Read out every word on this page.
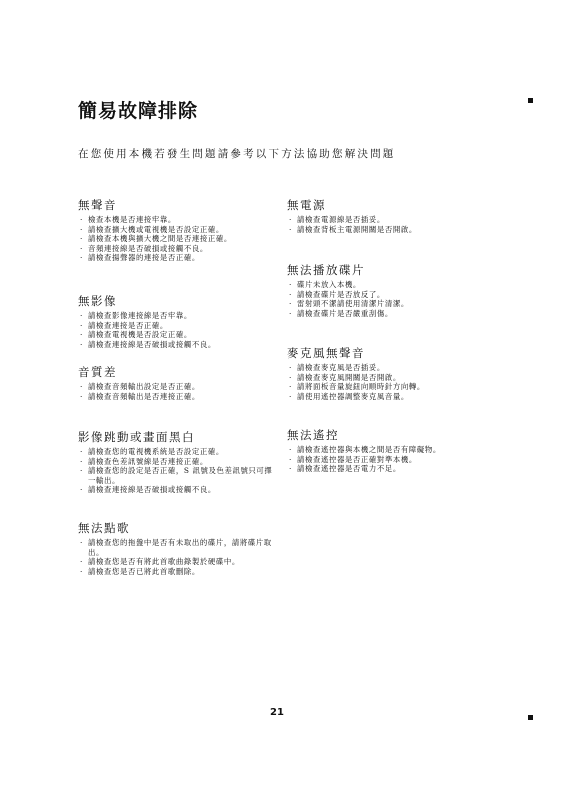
簡易故障排除
在您使用本機若發生問題請參考以下方法協助您解決問題
無聲音
· 檢查本機是否連接牢靠。
· 請檢查擴大機或電視機是否設定正確。
· 請檢查本機與擴大機之間是否連接正確。
· 音頻連接線是否破損或接觸不良。
· 請檢查揚聲器的連接是否正確。
無影像
· 請檢查影像連接線是否牢靠。
· 請檢查連接是否正確。
· 請檢查電視機是否設定正確。
· 請檢查連接線是否破損或接觸不良。
音質差
· 請檢查音頻輸出設定是否正確。
· 請檢查音頻輸出是否連接正確。
影像跳動或畫面黑白
· 請檢查您的電視機系統是否設定正確。
· 請檢查色差訊號線是否連接正確。
· 請檢查您的設定是否正確，S 訊號及色差訊號只可擇一輸出。
· 請檢查連接線是否破損或接觸不良。
無法點歌
· 請檢查您的拖盤中是否有未取出的碟片，請將碟片取出。
· 請檢查您是否有將此首歌曲錄製於硬碟中。
· 請檢查您是否已將此首歌刪除。
無電源
· 請檢查電源線是否插妥。
· 請檢查背板主電源開關是否開啟。
無法播放碟片
· 碟片未放入本機。
· 請檢查碟片是否放反了。
· 雷射頭不潔請使用清潔片清潔。
· 請檢查碟片是否嚴重刮傷。
麥克風無聲音
· 請檢查麥克風是否插妥。
· 請檢查麥克風開關是否開啟。
· 請將面板音量旋鈕向順時針方向轉。
· 請使用遙控器調整麥克風音量。
無法遙控
· 請檢查遙控器與本機之間是否有障礙物。
· 請檢查遙控器是否正確對準本機。
· 請檢查遙控器是否電力不足。
21
